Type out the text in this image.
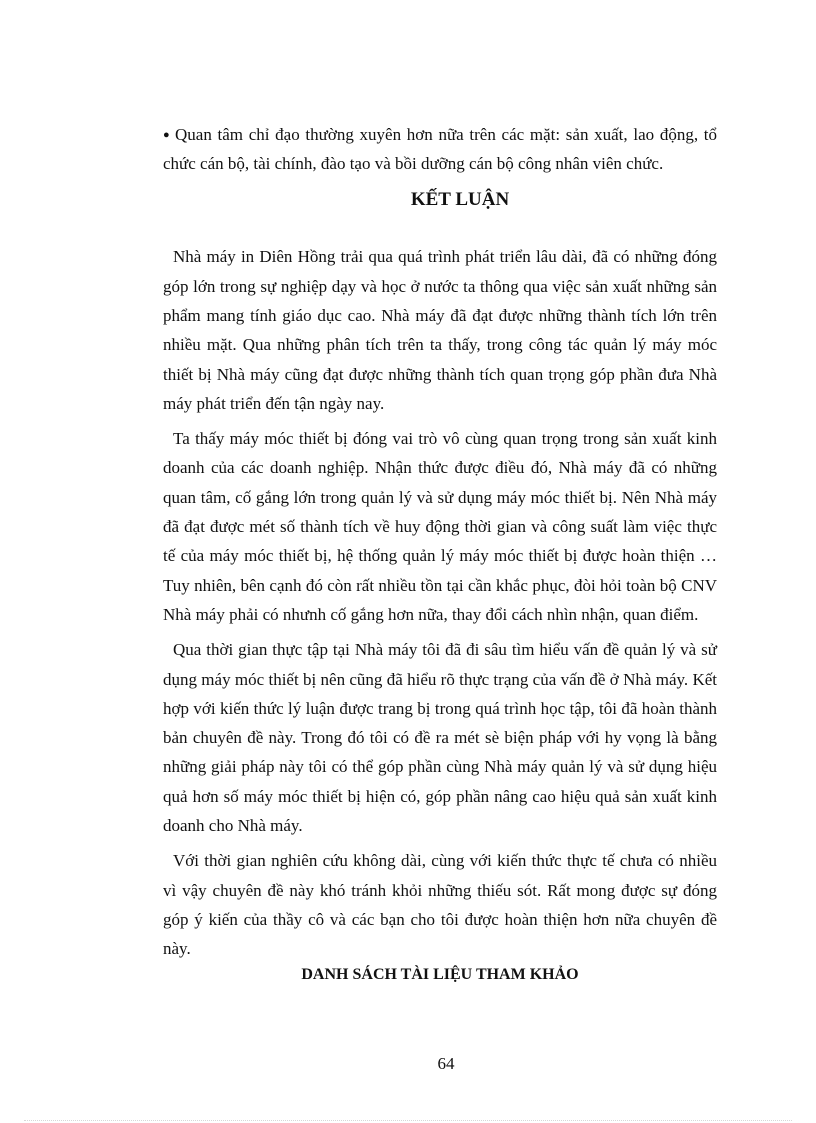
● Quan tâm chỉ đạo thường xuyên hơn nữa trên các mặt: sản xuất, lao động, tổ chức cán bộ, tài chính, đào tạo và bồi dưỡng cán bộ công nhân viên chức.
KẾT LUẬN

Nhà máy in Diên Hồng trải qua quá trình phát triển lâu dài, đã có những đóng góp lớn trong sự nghiệp dạy và học ở nước ta thông qua việc sản xuất những sản phẩm mang tính giáo dục cao. Nhà máy đã đạt được những thành tích lớn trên nhiều mặt. Qua những phân tích trên ta thấy, trong công tác quản lý máy móc thiết bị Nhà máy cũng đạt được những thành tích quan trọng góp phần đưa Nhà máy phát triển đến tận ngày nay.

Ta thấy máy móc thiết bị đóng vai trò vô cùng quan trọng trong sản xuất kinh doanh của các doanh nghiệp. Nhận thức được điều đó, Nhà máy đã có những quan tâm, cố gắng lớn trong quản lý và sử dụng máy móc thiết bị. Nên Nhà máy đã đạt được mét số thành tích về huy động thời gian và công suất làm việc thực tế của máy móc thiết bị, hệ thống quản lý máy móc thiết bị được hoàn thiện … Tuy nhiên, bên cạnh đó còn rất nhiều tồn tại cần khắc phục, đòi hỏi toàn bộ CNV Nhà máy phải có nhưnh cố gắng hơn nữa, thay đổi cách nhìn nhận, quan điểm.

Qua thời gian thực tập tại Nhà máy tôi đã đi sâu tìm hiểu vấn đề quản lý và sử dụng máy móc thiết bị nên cũng đã hiểu rõ thực trạng của vấn đề ở Nhà máy. Kết hợp với kiến thức lý luận được trang bị trong quá trình học tập, tôi đã hoàn thành bản chuyên đề này. Trong đó tôi có đề ra mét sè biện pháp với hy vọng là bằng những giải pháp này tôi có thể góp phần cùng Nhà máy quản lý và sử dụng hiệu quả hơn số máy móc thiết bị hiện có, góp phần nâng cao hiệu quả sản xuất kinh doanh cho Nhà máy.

Với thời gian nghiên cứu không dài, cùng với kiến thức thực tế chưa có nhiều vì vậy chuyên đề này khó tránh khỏi những thiếu sót. Rất mong được sự đóng góp ý kiến của thầy cô và các bạn cho tôi được hoàn thiện hơn nữa chuyên đề này.

DANH SÁCH TÀI LIỆU THAM KHẢO
64
